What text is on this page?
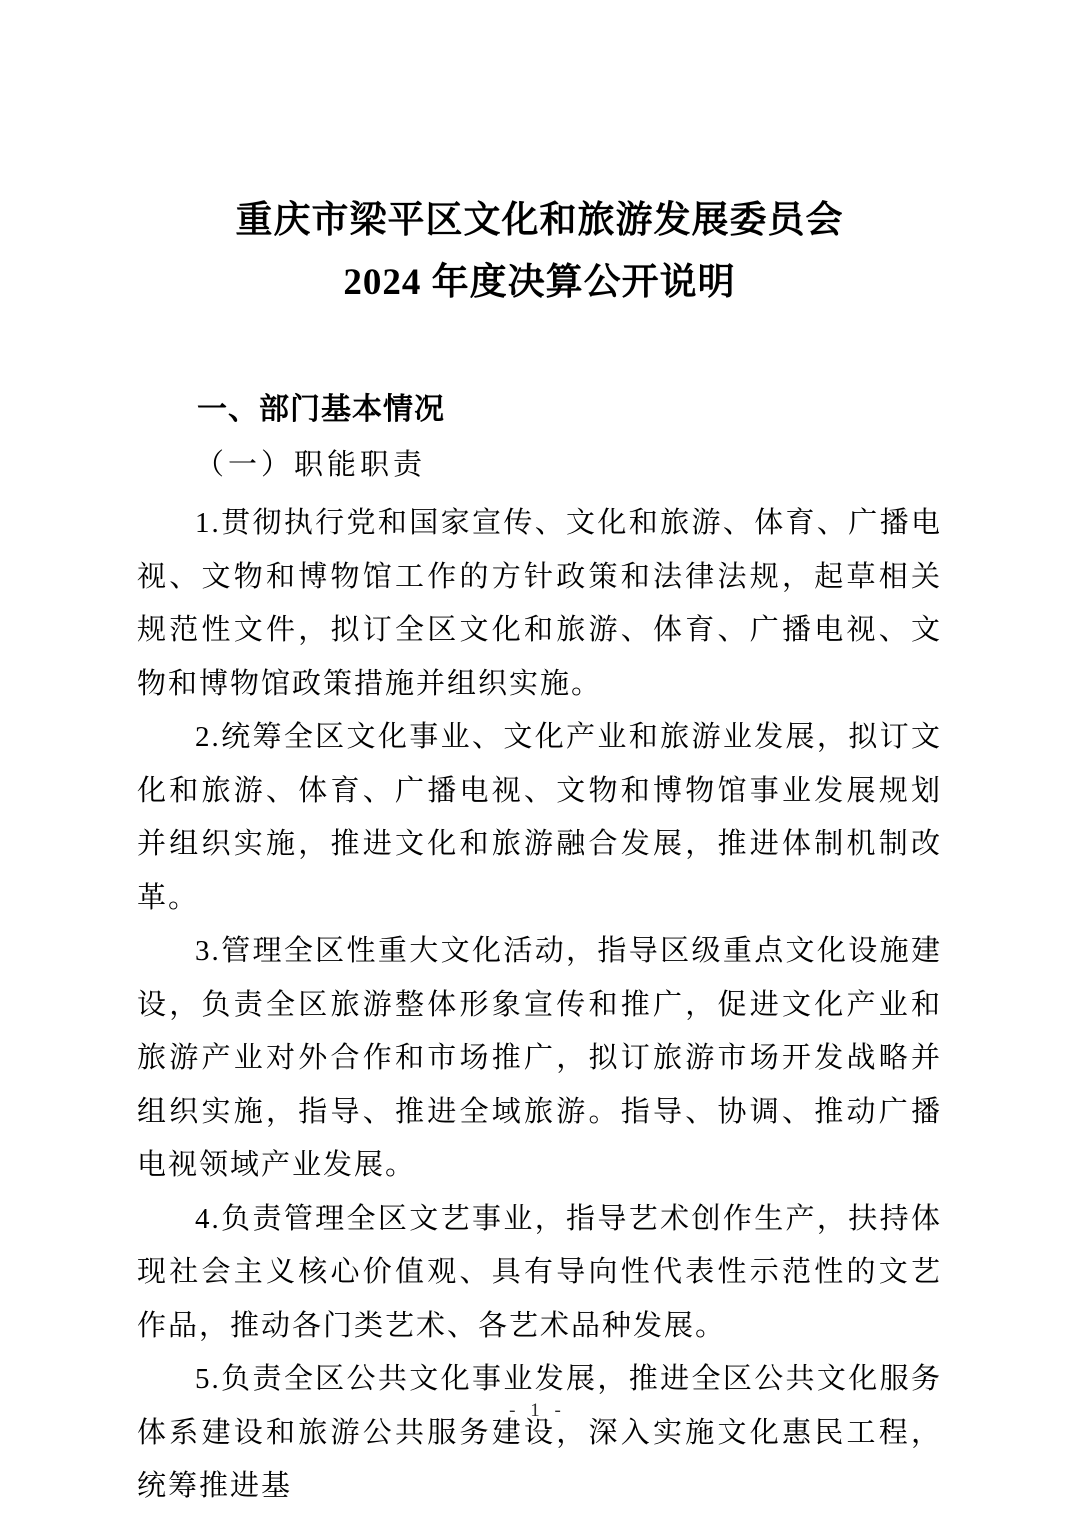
重庆市梁平区文化和旅游发展委员会
2024 年度决算公开说明
一、部门基本情况
（一）职能职责

1.贯彻执行党和国家宣传、文化和旅游、体育、广播电视、文物和博物馆工作的方针政策和法律法规，起草相关规范性文件，拟订全区文化和旅游、体育、广播电视、文物和博物馆政策措施并组织实施。

2.统筹全区文化事业、文化产业和旅游业发展，拟订文化和旅游、体育、广播电视、文物和博物馆事业发展规划并组织实施，推进文化和旅游融合发展，推进体制机制改革。

3.管理全区性重大文化活动，指导区级重点文化设施建设，负责全区旅游整体形象宣传和推广，促进文化产业和旅游产业对外合作和市场推广，拟订旅游市场开发战略并组织实施，指导、推进全域旅游。指导、协调、推动广播电视领域产业发展。

4.负责管理全区文艺事业，指导艺术创作生产，扶持体现社会主义核心价值观、具有导向性代表性示范性的文艺作品，推动各门类艺术、各艺术品种发展。

5.负责全区公共文化事业发展，推进全区公共文化服务体系建设和旅游公共服务建设，深入实施文化惠民工程，统筹推进基

- 1 -
